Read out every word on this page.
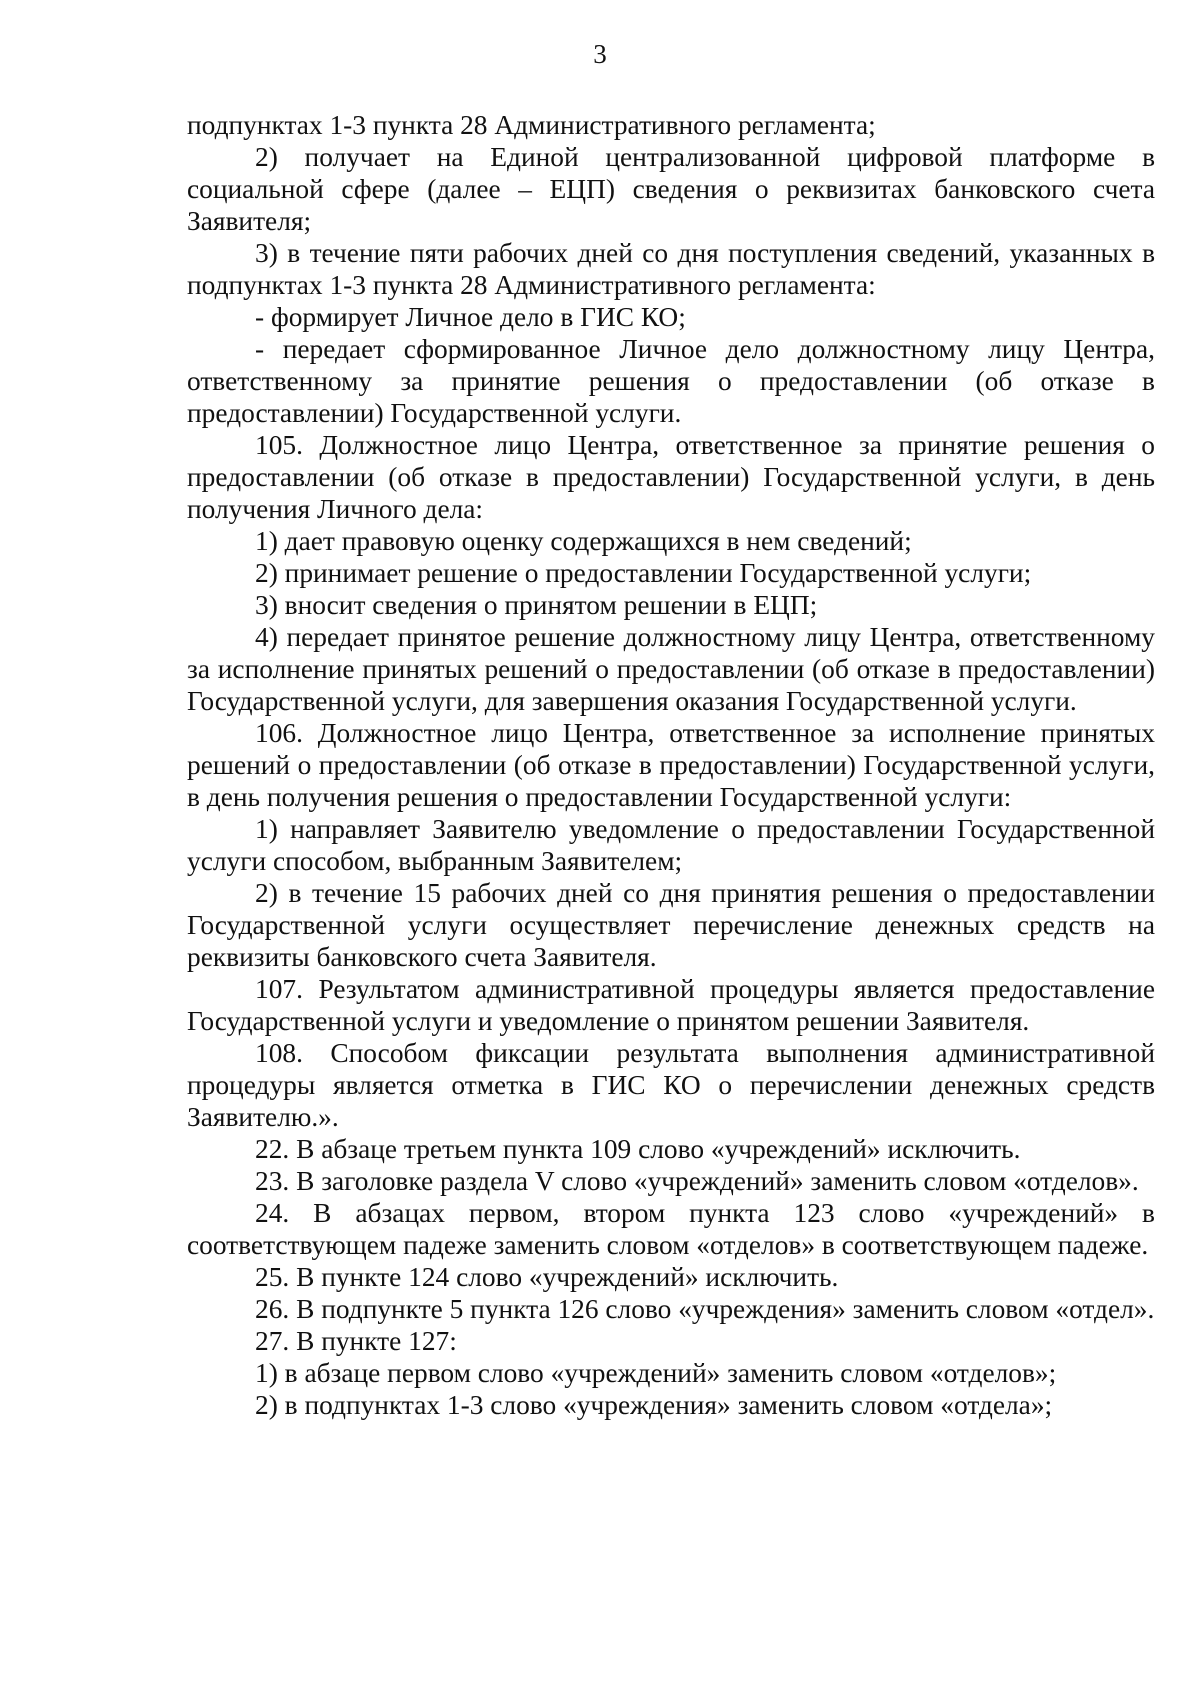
3

подпунктах 1-3 пункта 28 Административного регламента;

2) получает на Единой централизованной цифровой платформе в социальной сфере (далее – ЕЦП) сведения о реквизитах банковского счета Заявителя;

3) в течение пяти рабочих дней со дня поступления сведений, указанных в подпунктах 1-3 пункта 28 Административного регламента:

- формирует Личное дело в ГИС КО;

- передает сформированное Личное дело должностному лицу Центра, ответственному за принятие решения о предоставлении (об отказе в предоставлении) Государственной услуги.

105. Должностное лицо Центра, ответственное за принятие решения о предоставлении (об отказе в предоставлении) Государственной услуги, в день получения Личного дела:

1) дает правовую оценку содержащихся в нем сведений;

2) принимает решение о предоставлении Государственной услуги;

3) вносит сведения о принятом решении в ЕЦП;

4) передает принятое решение должностному лицу Центра, ответственному за исполнение принятых решений о предоставлении (об отказе в предоставлении) Государственной услуги, для завершения оказания Государственной услуги.

106. Должностное лицо Центра, ответственное за исполнение принятых решений о предоставлении (об отказе в предоставлении) Государственной услуги, в день получения решения о предоставлении Государственной услуги:

1) направляет Заявителю уведомление о предоставлении Государственной услуги способом, выбранным Заявителем;

2) в течение 15 рабочих дней со дня принятия решения о предоставлении Государственной услуги осуществляет перечисление денежных средств на реквизиты банковского счета Заявителя.

107. Результатом административной процедуры является предоставление Государственной услуги и уведомление о принятом решении Заявителя.

108. Способом фиксации результата выполнения административной процедуры является отметка в ГИС КО о перечислении денежных средств Заявителю.».

22. В абзаце третьем пункта 109 слово «учреждений» исключить.

23. В заголовке раздела V слово «учреждений» заменить словом «отделов».

24. В абзацах первом, втором пункта 123 слово «учреждений» в соответствующем падеже заменить словом «отделов» в соответствующем падеже.

25. В пункте 124 слово «учреждений» исключить.

26. В подпункте 5 пункта 126 слово «учреждения» заменить словом «отдел».

27. В пункте 127:

1) в абзаце первом слово «учреждений» заменить словом «отделов»;

2) в подпунктах 1-3 слово «учреждения» заменить словом «отдела»;
